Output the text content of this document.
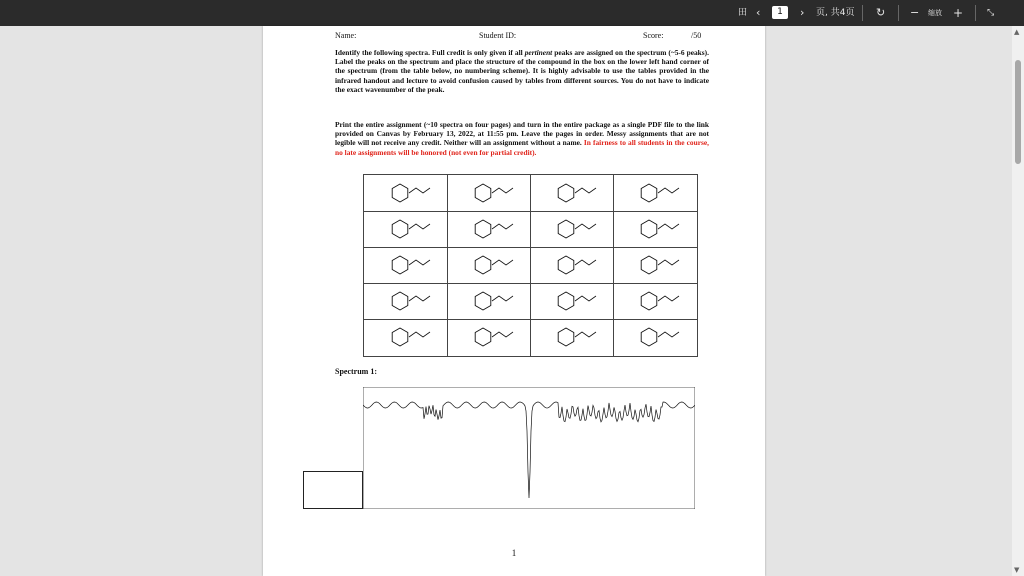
田 ‹	1	› 页, 共4页 ↻ − 缩放 +	⤡
Name:	Student ID:	Score:	/50
Identify the following spectra. Full credit is only given if all pertinent peaks are assigned on the spectrum (~5-6 peaks). Label the peaks on the spectrum and place the structure of the compound in the box on the lower left hand corner of the spectrum (from the table below, no numbering scheme). It is highly advisable to use the tables provided in the infrared handout and lecture to avoid confusion caused by tables from different sources. You do not have to indicate the exact wavenumber of the peak.
Print the entire assignment (~10 spectra on four pages) and turn in the entire package as a single PDF file to the link provided on Canvas by February 13, 2022, at 11:55 pm. Leave the pages in order. Messy assignments that are not legible will not receive any credit. Neither will an assignment without a name. In fairness to all students in the course, no late assignments will be honored (not even for partial credit).
Spectrum 1:
1
▲
▼
